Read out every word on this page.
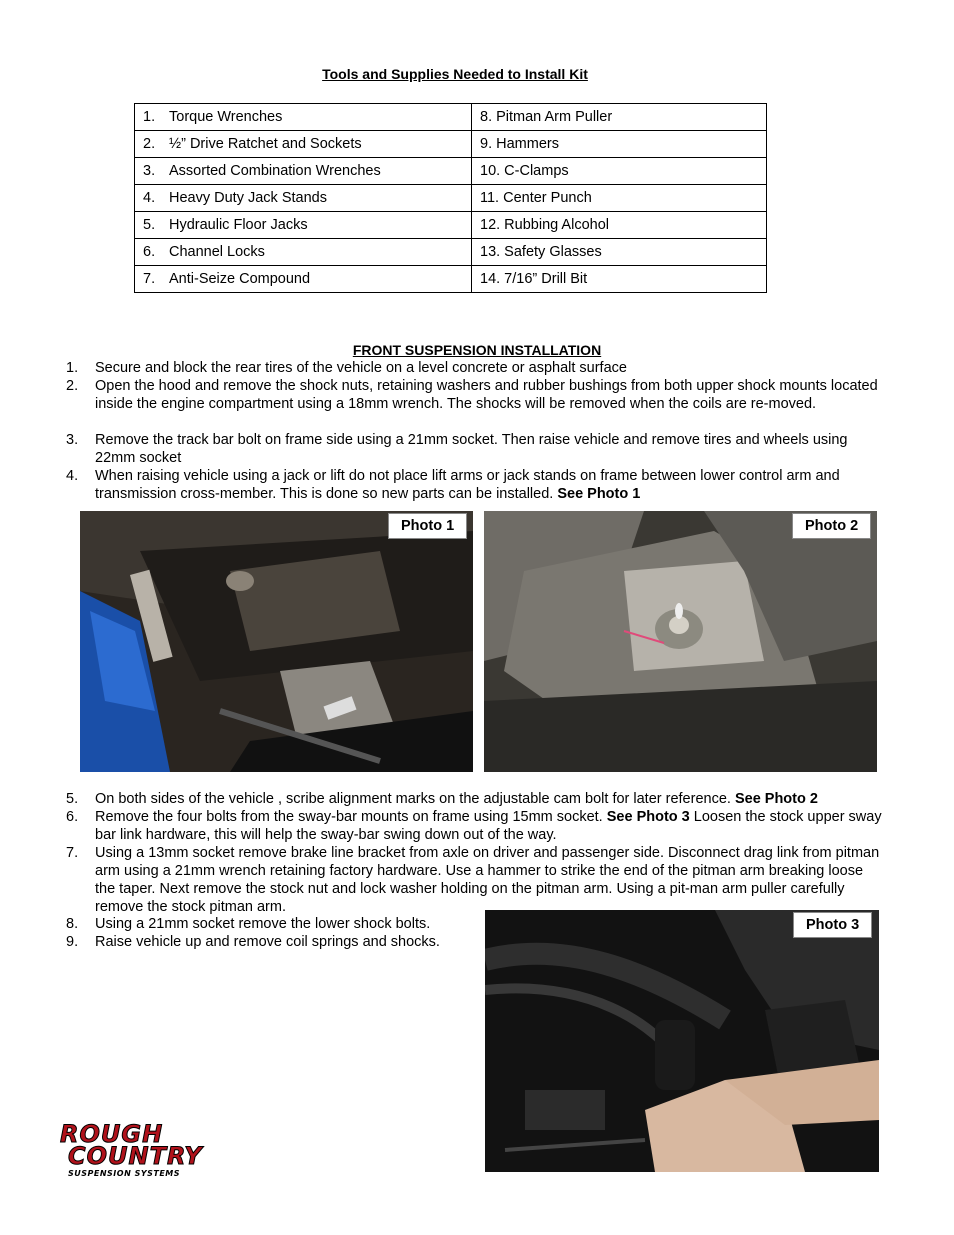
Tools and Supplies Needed to Install Kit
1. Torque Wrenches	8. Pitman Arm Puller
2. ½” Drive Ratchet and Sockets	9. Hammers
3. Assorted Combination Wrenches	10. C-Clamps
4. Heavy Duty Jack Stands	11. Center Punch
5. Hydraulic Floor Jacks	12. Rubbing Alcohol
6. Channel Locks	13. Safety Glasses
7. Anti-Seize Compound	14. 7/16” Drill Bit
FRONT SUSPENSION INSTALLATION
1.	Secure and block the rear tires of the vehicle on a level concrete or asphalt surface
2.	Open the hood and remove the shock nuts, retaining washers and rubber bushings from both upper shock mounts located inside the engine compartment using a 18mm wrench. The shocks will be removed when the coils are re-moved.
3.	Remove the track bar bolt on frame side using a 21mm socket. Then raise vehicle and remove tires and wheels using 22mm socket
4.	When raising vehicle using a jack or lift do not place lift arms or jack stands on frame between lower control arm and transmission cross-member. This is done so new parts can be installed. See Photo 1
Photo 1	Photo 2
5.	On both sides of the vehicle , scribe alignment marks on the adjustable cam bolt for later reference. See Photo 2
6.	Remove the four bolts from the sway-bar mounts on frame using 15mm socket. See Photo 3 Loosen the stock upper sway bar link hardware, this will help the sway-bar swing down out of the way.
7.	Using a 13mm socket remove brake line bracket from axle on driver and passenger side. Disconnect drag link from pitman arm using a 21mm wrench retaining factory hardware. Use a hammer to strike the end of the pitman arm breaking loose the taper. Next remove the stock nut and lock washer holding on the pitman arm. Using a pit-man arm puller carefully remove the stock pitman arm.
8.	Using a 21mm socket remove the lower shock bolts.
9.	Raise vehicle up and remove coil springs and shocks.
Photo 3
ROUGH
COUNTRY
SUSPENSION SYSTEMS
